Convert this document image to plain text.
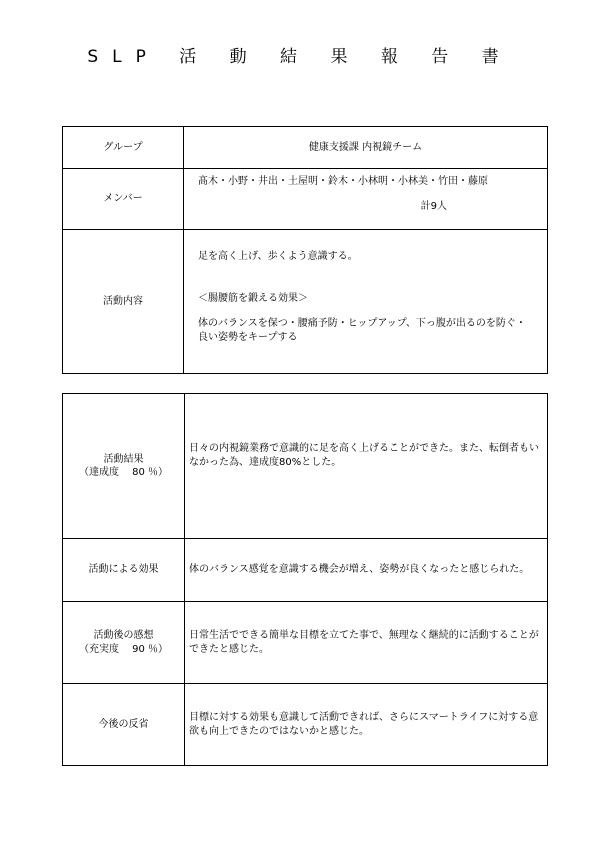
SLP 活 動 結 果 報 告 書
グループ	健康支援課 内視鏡チーム
メンバー	髙木・小野・井出・土屋明・鈴木・小林明・小林美・竹田・藤原
計9人

活動内容	足を高く上げ、歩くよう意識する。

＜腸腰筋を鍛える効果＞

体のバランスを保つ・腰痛予防・ヒップアップ、下っ腹が出るのを防ぐ・

良い姿勢をキープする

活動結果
（達成度　 80 ％）	日々の内視鏡業務で意識的に足を高く上げることができた。また、転倒者もいなかった為、達成度80%とした。
活動による効果	体のバランス感覚を意識する機会が増え、姿勢が良くなったと感じられた。

活動後の感想
（充実度　 90 ％）	日常生活でできる簡単な目標を立てた事で、無理なく継続的に活動することができたと感じた。
今後の反省	目標に対する効果も意識して活動できれば、さらにスマートライフに対する意欲も向上できたのではないかと感じた。
